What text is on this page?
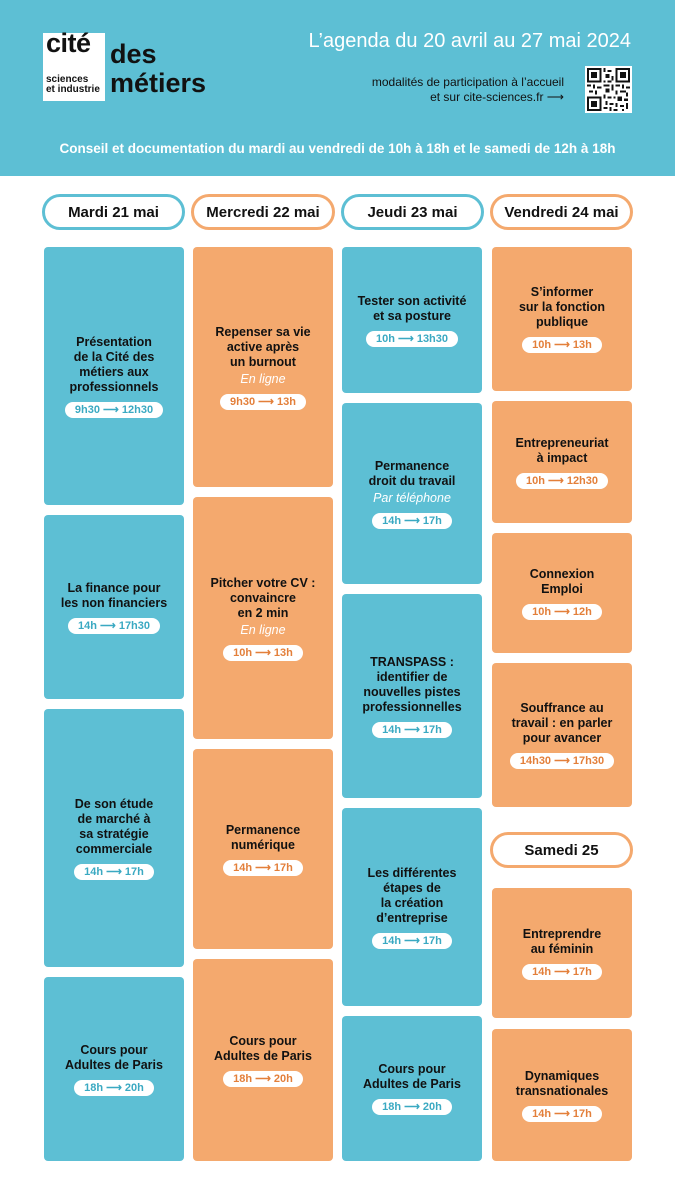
cité
sciences
et industrie
des
métiers
L’agenda du 20 avril au 27 mai 2024
modalités de participation à l’accueil
et sur cite-sciences.fr ⟶
Conseil et documentation du mardi au vendredi de 10h à 18h et le samedi de 12h à 18h
Mardi 21 mai	Mercredi 22 mai	Jeudi 23 mai	Vendredi 24 mai
Samedi 25
Présentation
de la Cité des
métiers aux
professionnels
9h30 ⟶ 12h30
La finance pour
les non financiers
14h ⟶ 17h30
De son étude
de marché à
sa stratégie
commerciale
14h ⟶ 17h
Cours pour
Adultes de Paris
18h ⟶ 20h
Repenser sa vie
active après
un burnout
En ligne
9h30 ⟶ 13h
Pitcher votre CV :
convaincre
en 2 min
En ligne
10h ⟶ 13h
Permanence
numérique
14h ⟶ 17h
Cours pour
Adultes de Paris
18h ⟶ 20h
Tester son activité
et sa posture
10h ⟶ 13h30
Permanence
droit du travail
Par téléphone
14h ⟶ 17h
TRANSPASS :
identifier de
nouvelles pistes
professionnelles
14h ⟶ 17h
Les différentes
étapes de
la création
d’entreprise
14h ⟶ 17h
Cours pour
Adultes de Paris
18h ⟶ 20h
S’informer
sur la fonction
publique
10h ⟶ 13h
Entrepreneuriat
à impact
10h ⟶ 12h30
Connexion
Emploi
10h ⟶ 12h
Souffrance au
travail : en parler
pour avancer
14h30 ⟶ 17h30
Entreprendre
au féminin
14h ⟶ 17h
Dynamiques
transnationales
14h ⟶ 17h
